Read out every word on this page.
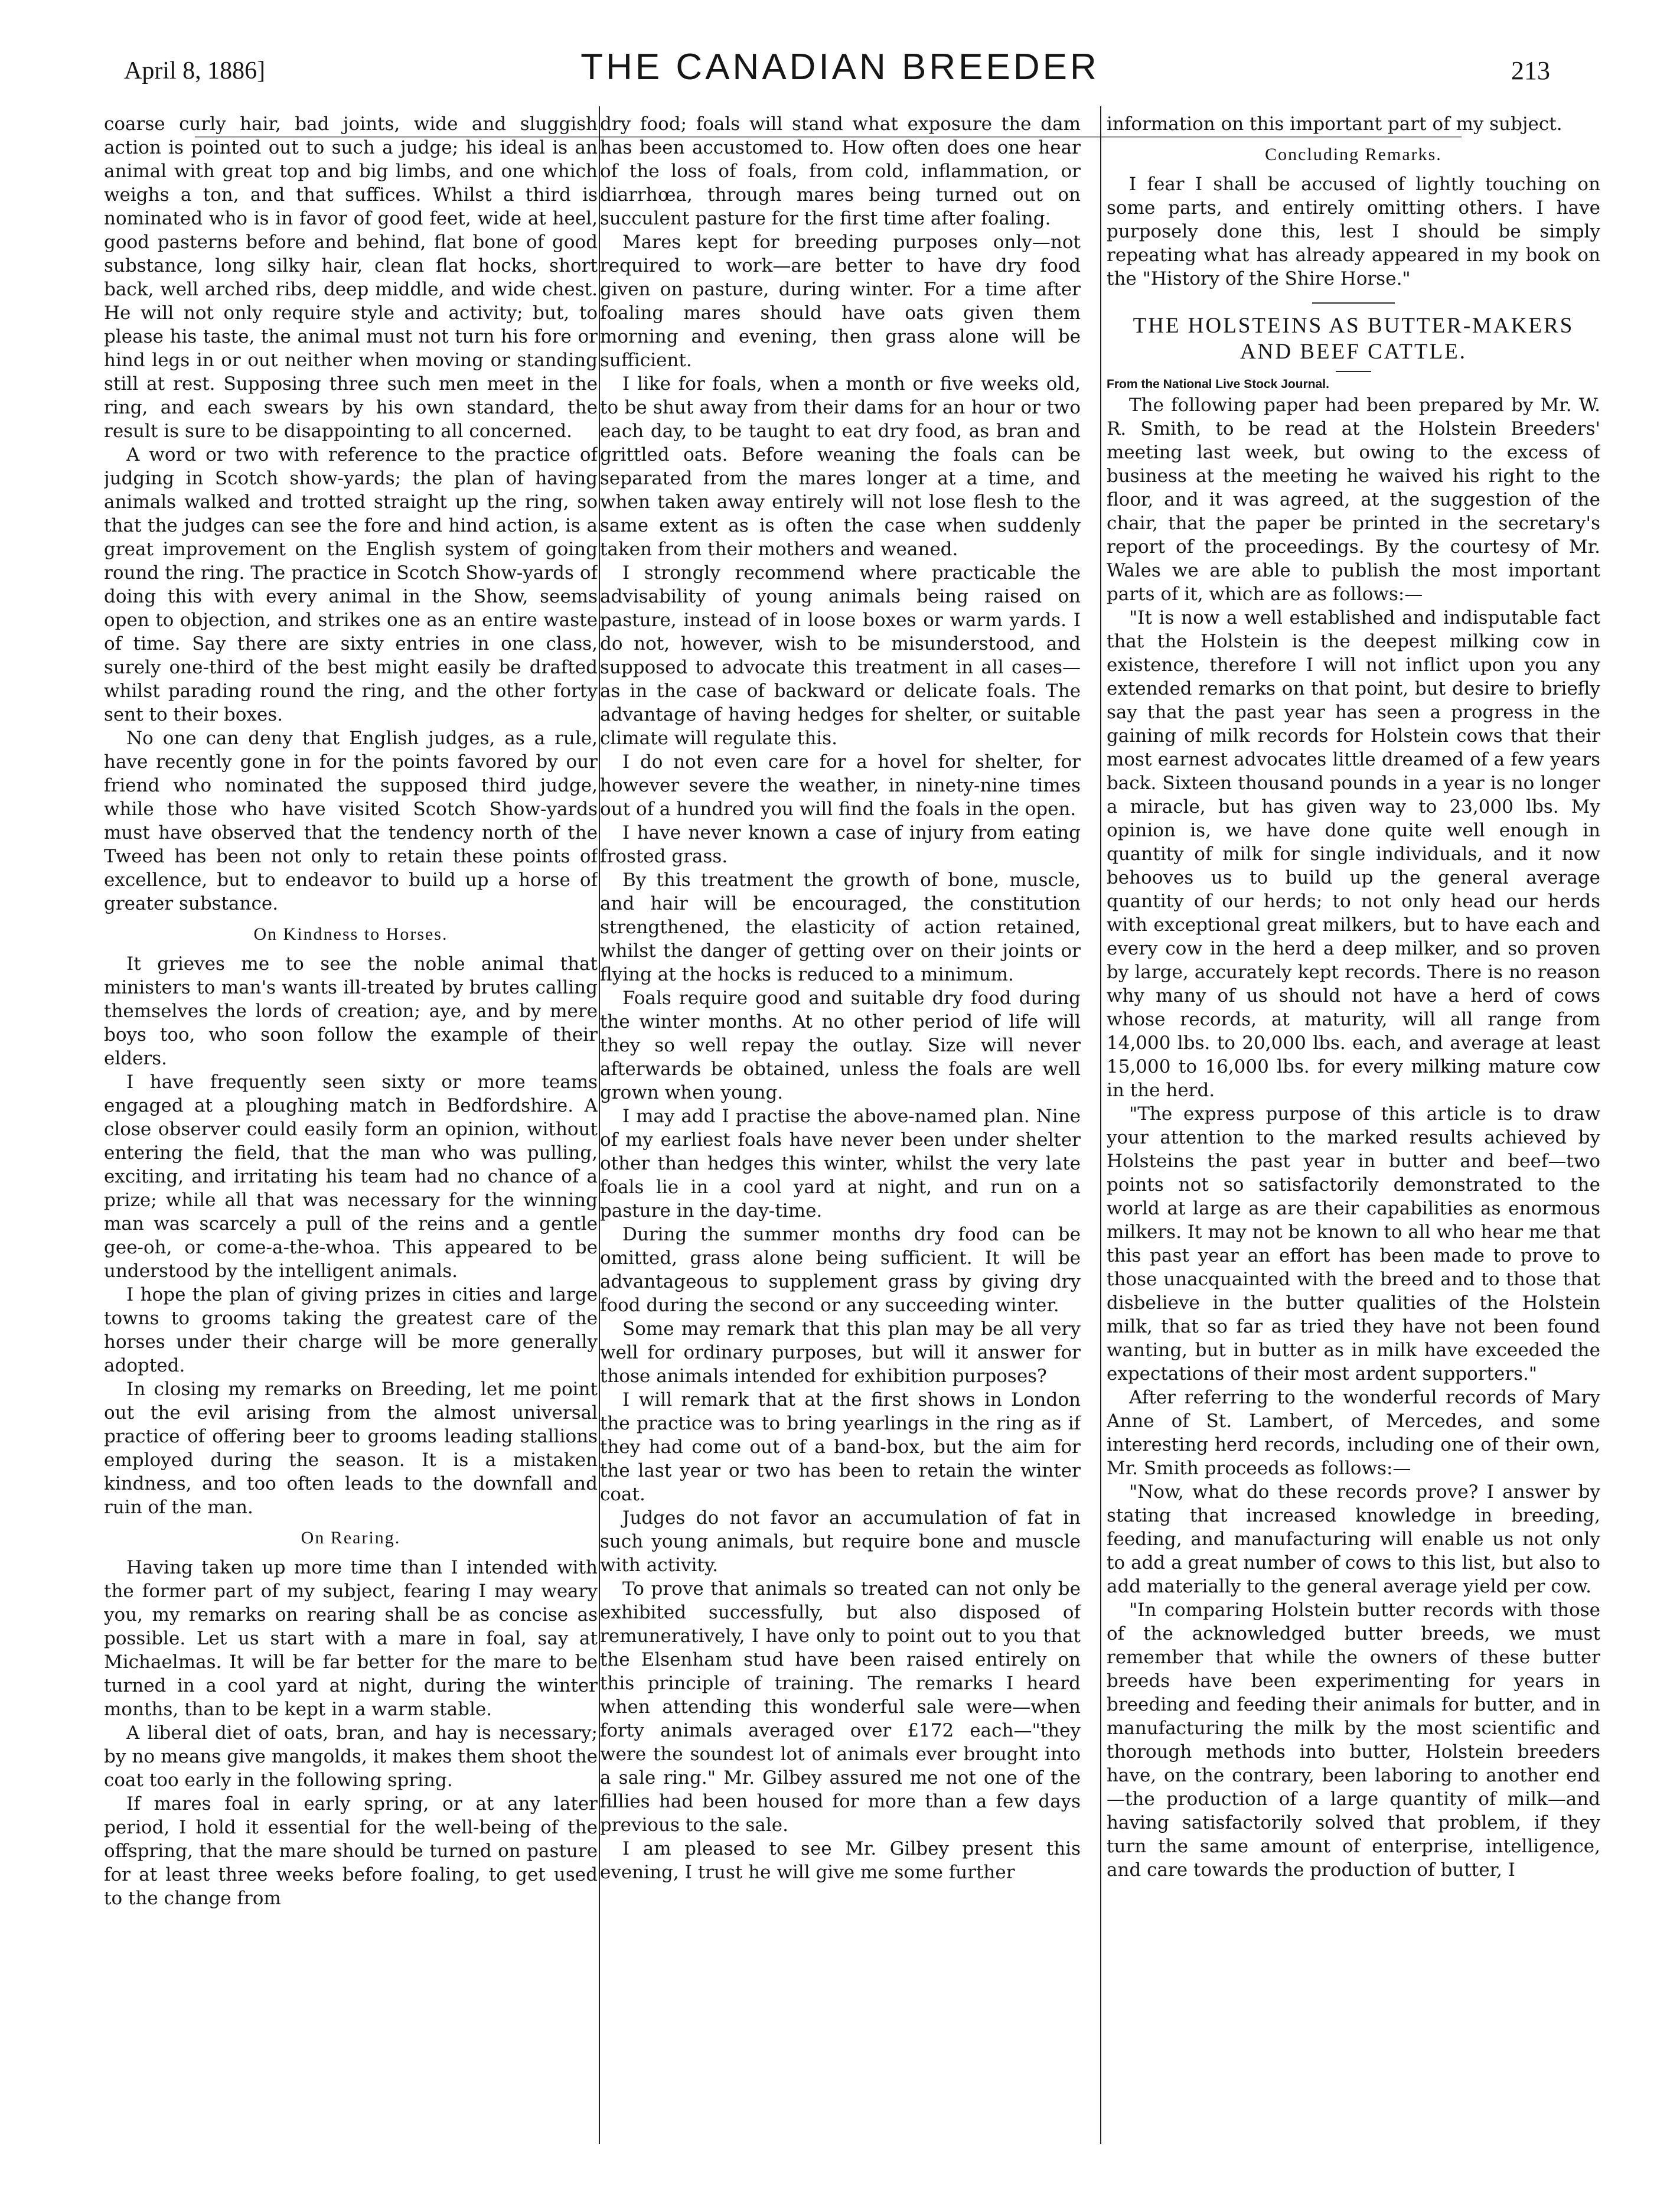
April 8, 1886]	THE CANADIAN BREEDER	213

coarse curly hair, bad joints, wide and sluggish action is pointed out to such a judge; his ideal is an animal with great top and big limbs, and one which weighs a ton, and that suffices. Whilst a third is nominated who is in favor of good feet, wide at heel, good pasterns before and behind, flat bone of good substance, long silky hair, clean flat hocks, short back, well arched ribs, deep middle, and wide chest. He will not only require style and activity; but, to please his taste, the animal must not turn his fore or hind legs in or out neither when moving or standing still at rest. Supposing three such men meet in the ring, and each swears by his own standard, the result is sure to be disappointing to all concerned.

A word or two with reference to the practice of judging in Scotch show-yards; the plan of having animals walked and trotted straight up the ring, so that the judges can see the fore and hind action, is a great improvement on the English system of going round the ring. The practice in Scotch Show-yards of doing this with every animal in the Show, seems open to objection, and strikes one as an entire waste of time. Say there are sixty entries in one class, surely one-third of the best might easily be drafted whilst parading round the ring, and the other forty sent to their boxes.

No one can deny that English judges, as a rule, have recently gone in for the points favored by our friend who nominated the supposed third judge, while those who have visited Scotch Show-yards must have observed that the tendency north of the Tweed has been not only to retain these points of excellence, but to endeavor to build up a horse of greater substance.

On Kindness to Horses.

It grieves me to see the noble animal that ministers to man's wants ill-treated by brutes calling themselves the lords of creation; aye, and by mere boys too, who soon follow the example of their elders.

I have frequently seen sixty or more teams engaged at a ploughing match in Bedfordshire. A close observer could easily form an opinion, without entering the field, that the man who was pulling, exciting, and irritating his team had no chance of a prize; while all that was necessary for the winning man was scarcely a pull of the reins and a gentle gee-oh, or come-a-the-whoa. This appeared to be understood by the intelligent animals.

I hope the plan of giving prizes in cities and large towns to grooms taking the greatest care of the horses under their charge will be more generally adopted.

In closing my remarks on Breeding, let me point out the evil arising from the almost universal practice of offering beer to grooms leading stallions employed during the season. It is a mistaken kindness, and too often leads to the downfall and ruin of the man.

On Rearing.

Having taken up more time than I intended with the former part of my subject, fearing I may weary you, my remarks on rearing shall be as concise as possible. Let us start with a mare in foal, say at Michaelmas. It will be far better for the mare to be turned in a cool yard at night, during the winter months, than to be kept in a warm stable.

A liberal diet of oats, bran, and hay is necessary; by no means give mangolds, it makes them shoot the coat too early in the following spring.

If mares foal in early spring, or at any later period, I hold it essential for the well-being of the offspring, that the mare should be turned on pasture for at least three weeks before foaling, to get used to the change from

dry food; foals will stand what exposure the dam has been accustomed to. How often does one hear of the loss of foals, from cold, inflammation, or diarrhœa, through mares being turned out on succulent pasture for the first time after foaling.

Mares kept for breeding purposes only—not required to work—are better to have dry food given on pasture, during winter. For a time after foaling mares should have oats given them morning and evening, then grass alone will be sufficient.

I like for foals, when a month or five weeks old, to be shut away from their dams for an hour or two each day, to be taught to eat dry food, as bran and grittled oats. Before weaning the foals can be separated from the mares longer at a time, and when taken away entirely will not lose flesh to the same extent as is often the case when suddenly taken from their mothers and weaned.

I strongly recommend where practicable the advisability of young animals being raised on pasture, instead of in loose boxes or warm yards. I do not, however, wish to be misunderstood, and supposed to advocate this treatment in all cases—as in the case of backward or delicate foals. The advantage of having hedges for shelter, or suitable climate will regulate this.

I do not even care for a hovel for shelter, for however severe the weather, in ninety-nine times out of a hundred you will find the foals in the open.

I have never known a case of injury from eating frosted grass.

By this treatment the growth of bone, muscle, and hair will be encouraged, the constitution strengthened, the elasticity of action retained, whilst the danger of getting over on their joints or flying at the hocks is reduced to a minimum.

Foals require good and suitable dry food during the winter months. At no other period of life will they so well repay the outlay. Size will never afterwards be obtained, unless the foals are well grown when young.

I may add I practise the above-named plan. Nine of my earliest foals have never been under shelter other than hedges this winter, whilst the very late foals lie in a cool yard at night, and run on a pasture in the day-time.

During the summer months dry food can be omitted, grass alone being sufficient. It will be advantageous to supplement grass by giving dry food during the second or any succeeding winter.

Some may remark that this plan may be all very well for ordinary purposes, but will it answer for those animals intended for exhibition purposes?

I will remark that at the first shows in London the practice was to bring yearlings in the ring as if they had come out of a band-box, but the aim for the last year or two has been to retain the winter coat.

Judges do not favor an accumulation of fat in such young animals, but require bone and muscle with activity.

To prove that animals so treated can not only be exhibited successfully, but also disposed of remuneratively, I have only to point out to you that the Elsenham stud have been raised entirely on this principle of training. The remarks I heard when attending this wonderful sale were—when forty animals averaged over £172 each—"they were the soundest lot of animals ever brought into a sale ring." Mr. Gilbey assured me not one of the fillies had been housed for more than a few days previous to the sale.

I am pleased to see Mr. Gilbey present this evening, I trust he will give me some further

information on this important part of my subject.

Concluding Remarks.

I fear I shall be accused of lightly touching on some parts, and entirely omitting others. I have purposely done this, lest I should be simply repeating what has already appeared in my book on the "History of the Shire Horse."

THE HOLSTEINS AS BUTTER-MAKERS AND BEEF CATTLE.
From the National Live Stock Journal.

The following paper had been prepared by Mr. W. R. Smith, to be read at the Holstein Breeders' meeting last week, but owing to the excess of business at the meeting he waived his right to the floor, and it was agreed, at the suggestion of the chair, that the paper be printed in the secretary's report of the proceedings. By the courtesy of Mr. Wales we are able to publish the most important parts of it, which are as follows:—

"It is now a well established and indisputable fact that the Holstein is the deepest milking cow in existence, therefore I will not inflict upon you any extended remarks on that point, but desire to briefly say that the past year has seen a progress in the gaining of milk records for Holstein cows that their most earnest advocates little dreamed of a few years back. Sixteen thousand pounds in a year is no longer a miracle, but has given way to 23,000 lbs. My opinion is, we have done quite well enough in quantity of milk for single individuals, and it now behooves us to build up the general average quantity of our herds; to not only head our herds with exceptional great milkers, but to have each and every cow in the herd a deep milker, and so proven by large, accurately kept records. There is no reason why many of us should not have a herd of cows whose records, at maturity, will all range from 14,000 lbs. to 20,000 lbs. each, and average at least 15,000 to 16,000 lbs. for every milking mature cow in the herd.

"The express purpose of this article is to draw your attention to the marked results achieved by Holsteins the past year in butter and beef—two points not so satisfactorily demonstrated to the world at large as are their capabilities as enormous milkers. It may not be known to all who hear me that this past year an effort has been made to prove to those unacquainted with the breed and to those that disbelieve in the butter qualities of the Holstein milk, that so far as tried they have not been found wanting, but in butter as in milk have exceeded the expectations of their most ardent supporters."

After referring to the wonderful records of Mary Anne of St. Lambert, of Mercedes, and some interesting herd records, including one of their own, Mr. Smith proceeds as follows:—

"Now, what do these records prove? I answer by stating that increased knowledge in breeding, feeding, and manufacturing will enable us not only to add a great number of cows to this list, but also to add materially to the general average yield per cow.

"In comparing Holstein butter records with those of the acknowledged butter breeds, we must remember that while the owners of these butter breeds have been experimenting for years in breeding and feeding their animals for butter, and in manufacturing the milk by the most scientific and thorough methods into butter, Holstein breeders have, on the contrary, been laboring to another end—the production of a large quantity of milk—and having satisfactorily solved that problem, if they turn the same amount of enterprise, intelligence, and care towards the production of butter, I
